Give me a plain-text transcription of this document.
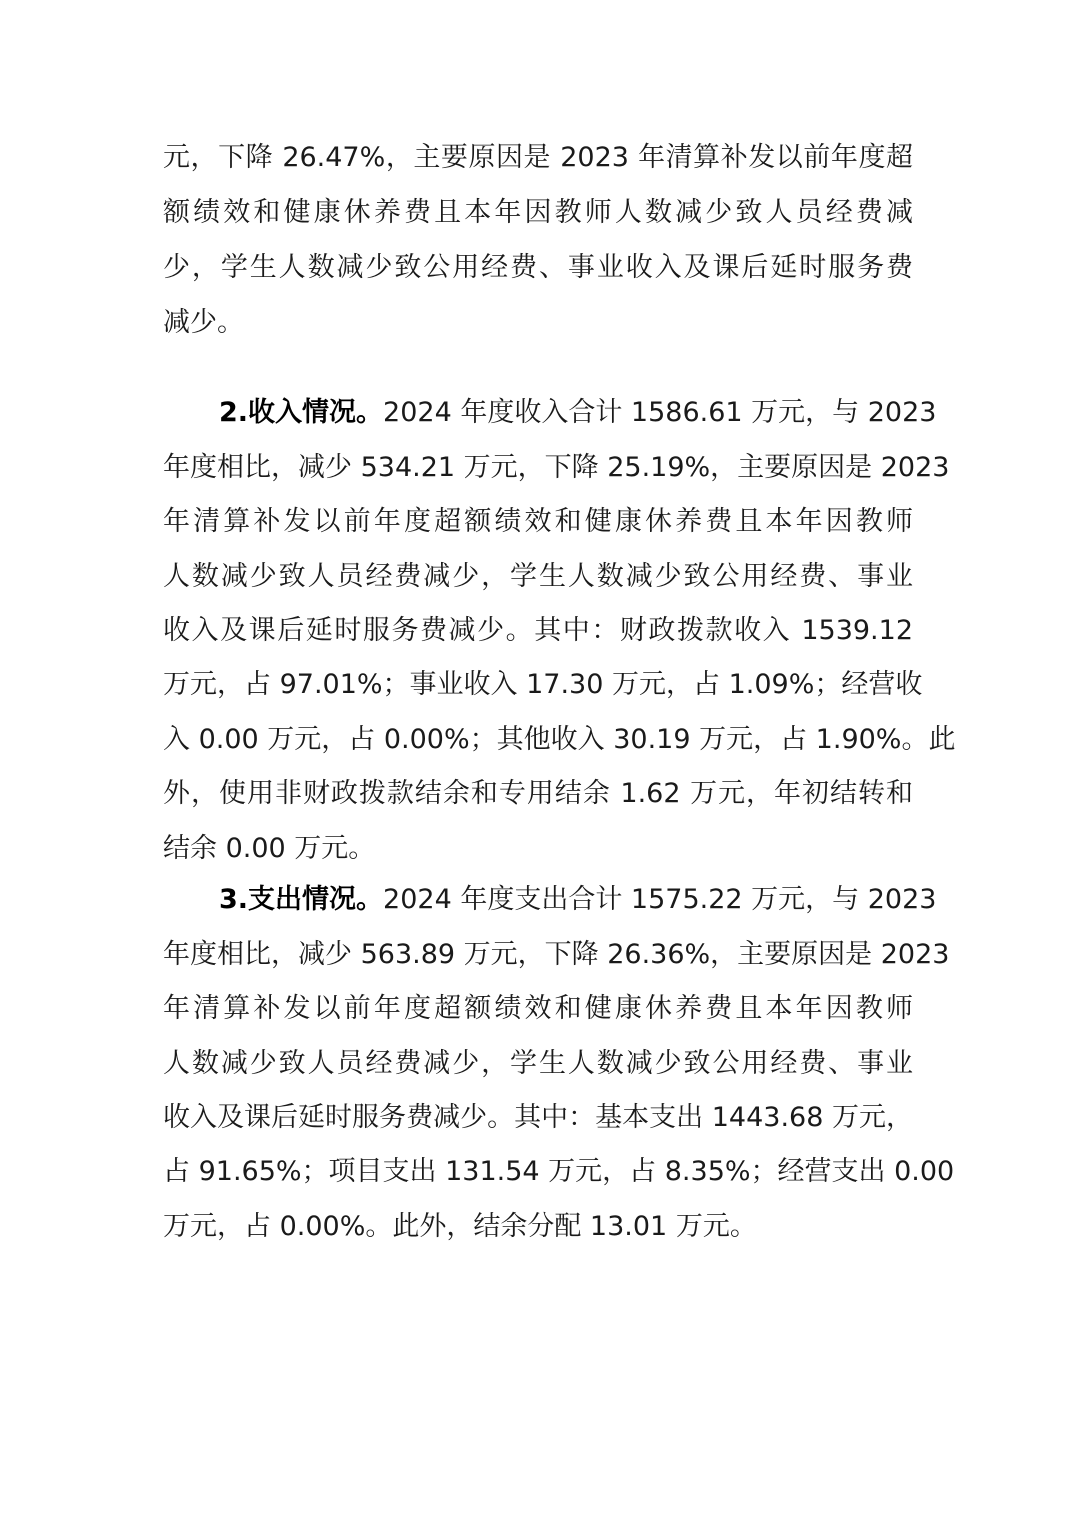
元，下降 26.47%，主要原因是 2023 年清算补发以前年度超
额绩效和健康休养费且本年因教师人数减少致人员经费减
少，学生人数减少致公用经费、事业收入及课后延时服务费
减少。
2.收入情况。2024 年度收入合计 1586.61 万元，与 2023
年度相比，减少 534.21 万元，下降 25.19%，主要原因是 2023
年清算补发以前年度超额绩效和健康休养费且本年因教师
人数减少致人员经费减少，学生人数减少致公用经费、事业
收入及课后延时服务费减少。其中：财政拨款收入 1539.12
万元，占 97.01%；事业收入 17.30 万元，占 1.09%；经营收
入 0.00 万元，占 0.00%；其他收入 30.19 万元，占 1.90%。此
外，使用非财政拨款结余和专用结余 1.62 万元，年初结转和
结余 0.00 万元。
3.支出情况。2024 年度支出合计 1575.22 万元，与 2023
年度相比，减少 563.89 万元，下降 26.36%，主要原因是 2023
年清算补发以前年度超额绩效和健康休养费且本年因教师
人数减少致人员经费减少，学生人数减少致公用经费、事业
收入及课后延时服务费减少。其中：基本支出 1443.68 万元，
占 91.65%；项目支出 131.54 万元，占 8.35%；经营支出 0.00
万元，占 0.00%。此外，结余分配 13.01 万元。
